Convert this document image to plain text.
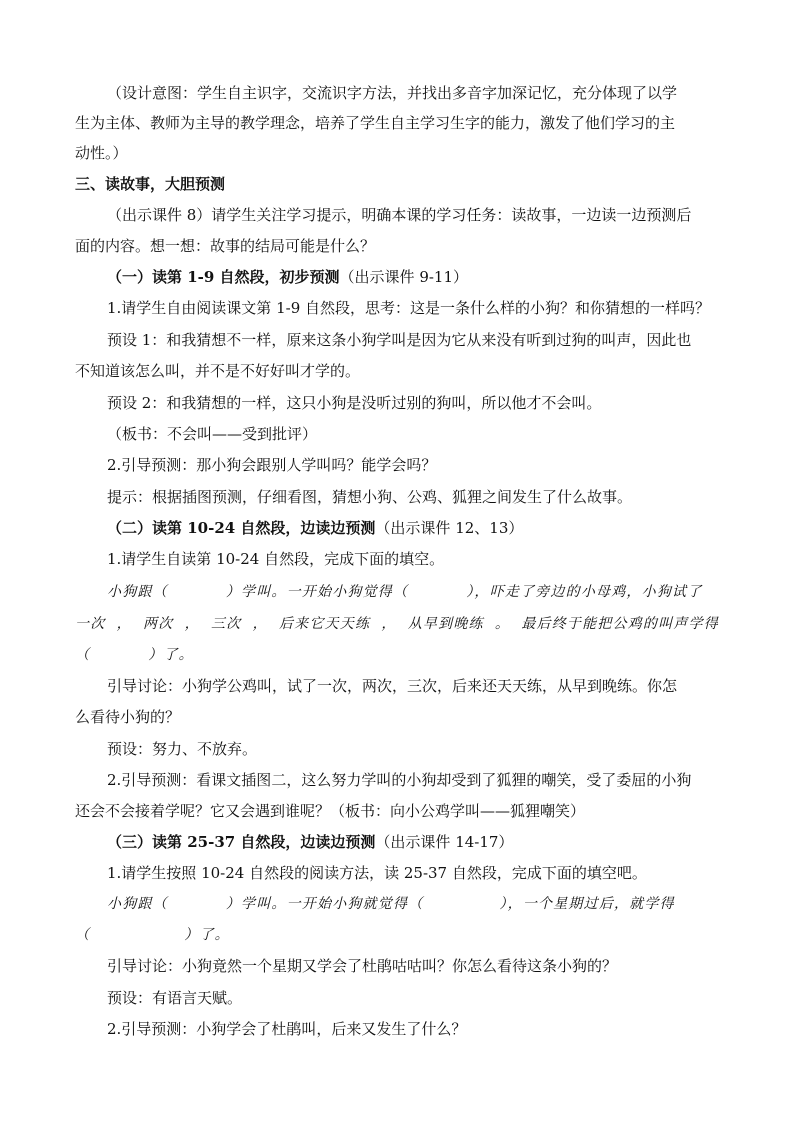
（设计意图：学生自主识字，交流识字方法，并找出多音字加深记忆，充分体现了以学
生为主体、教师为主导的教学理念，培养了学生自主学习生字的能力，激发了他们学习的主
动性。）
三、读故事，大胆预测
（出示课件 8）请学生关注学习提示，明确本课的学习任务：读故事，一边读一边预测后
面的内容。想一想：故事的结局可能是什么？
（一）读第 1-9 自然段，初步预测（出示课件 9-11）
1.请学生自由阅读课文第 1-9 自然段，思考：这是一条什么样的小狗？和你猜想的一样吗？
预设 1：和我猜想不一样，原来这条小狗学叫是因为它从来没有听到过狗的叫声，因此也
不知道该怎么叫，并不是不好好叫才学的。
预设 2：和我猜想的一样，这只小狗是没听过别的狗叫，所以他才不会叫。
（板书：不会叫——受到批评）
2.引导预测：那小狗会跟别人学叫吗？能学会吗？
提示：根据插图预测，仔细看图，猜想小狗、公鸡、狐狸之间发生了什么故事。
（二）读第 10-24 自然段，边读边预测（出示课件 12、13）
1.请学生自读第 10-24 自然段，完成下面的填空。
小狗跟（	）学叫。一开始小狗觉得（	），吓走了旁边的小母鸡，小狗试了
一次 ， 两次 ， 三次 ， 后来它天天练 ， 从早到晚练 。 最后终于能把公鸡的叫声学得
（	）了。
引导讨论：小狗学公鸡叫，试了一次，两次，三次，后来还天天练，从早到晚练。你怎
么看待小狗的？
预设：努力、不放弃。
2.引导预测：看课文插图二，这么努力学叫的小狗却受到了狐狸的嘲笑，受了委屈的小狗
还会不会接着学呢？它又会遇到谁呢？（板书：向小公鸡学叫——狐狸嘲笑）
（三）读第 25-37 自然段，边读边预测（出示课件 14-17）
1.请学生按照 10-24 自然段的阅读方法，读 25-37 自然段，完成下面的填空吧。
小狗跟（	）学叫。一开始小狗就觉得（	），一个星期过后，就学得
（	）了。
引导讨论：小狗竟然一个星期又学会了杜鹃咕咕叫？你怎么看待这条小狗的？
预设：有语言天赋。
2.引导预测：小狗学会了杜鹃叫，后来又发生了什么？
